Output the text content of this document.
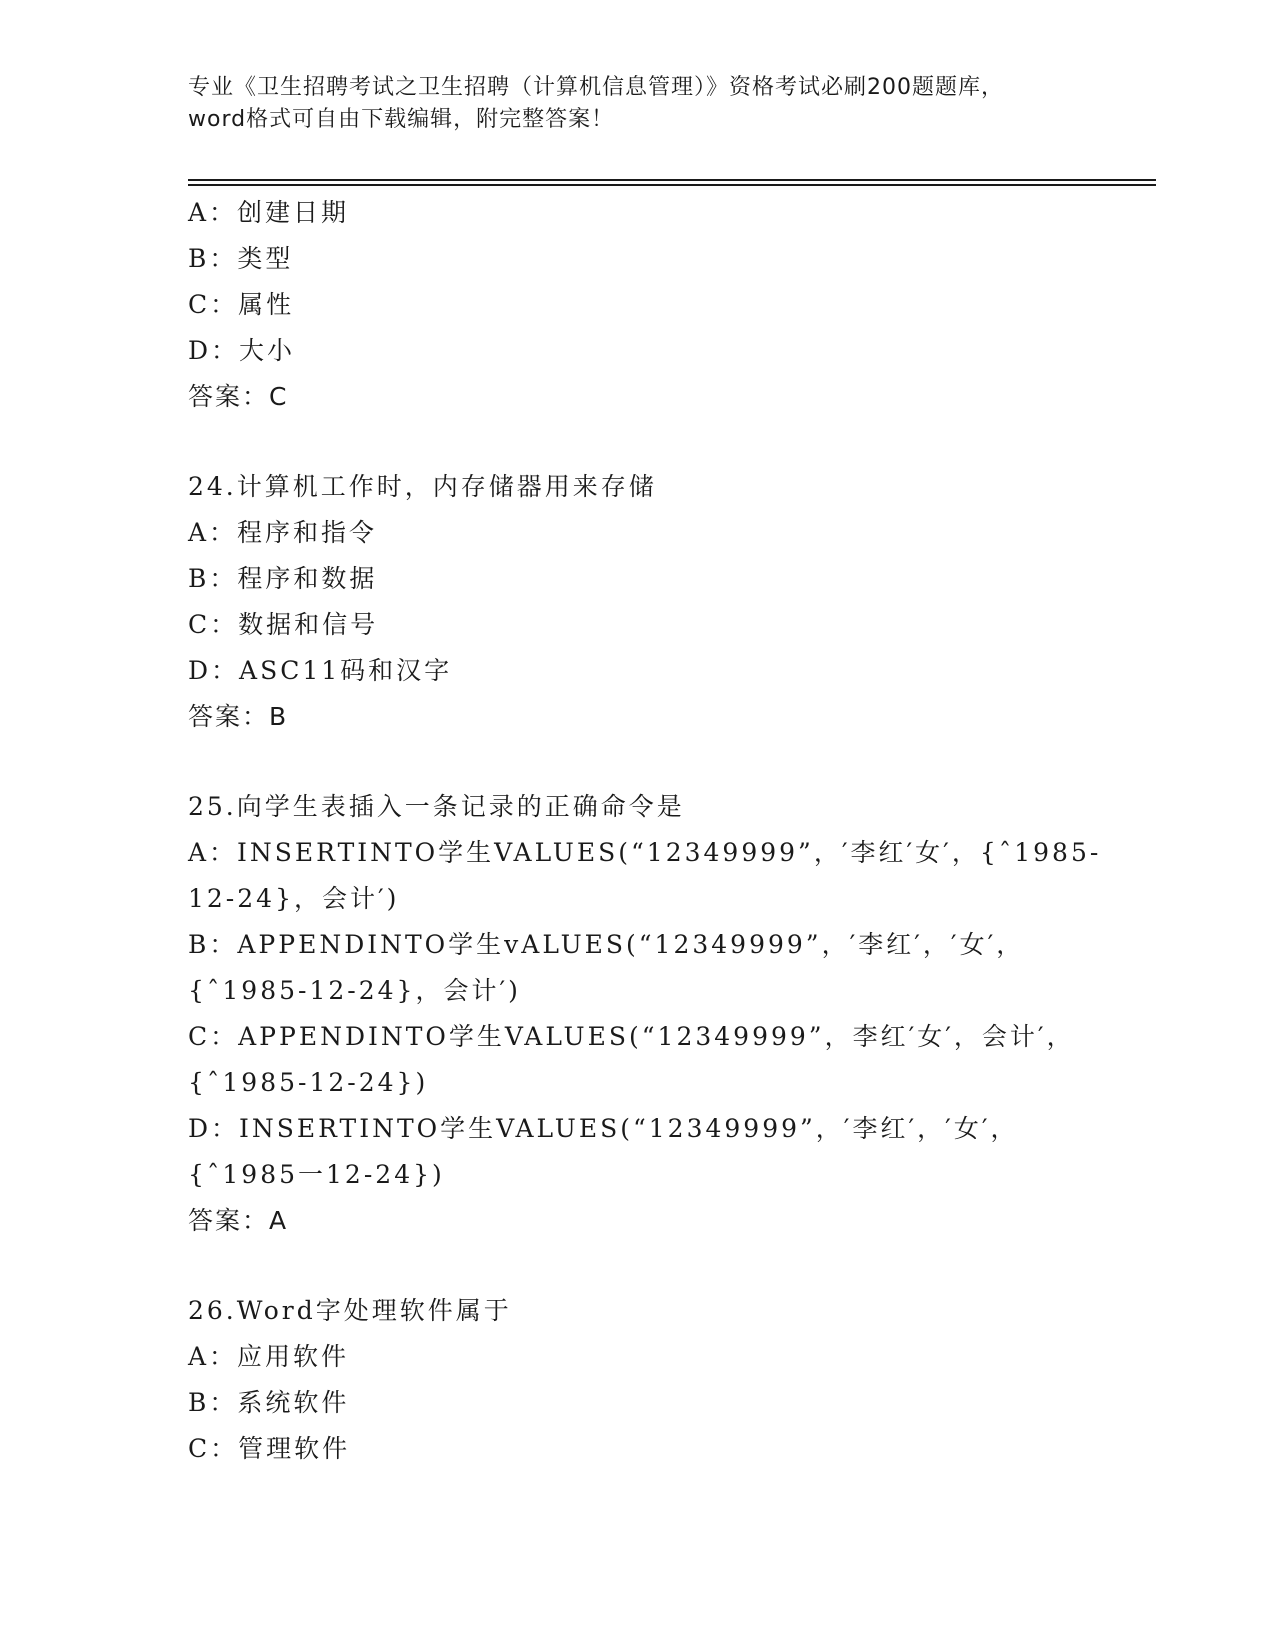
专业《卫生招聘考试之卫生招聘（计算机信息管理）》资格考试必刷200题题库，
word格式可自由下载编辑，附完整答案！
A：创建日期
B：类型
C：属性
D：大小
答案：C
24.计算机工作时，内存储器用来存储
A：程序和指令
B：程序和数据
C：数据和信号
D：ASC11码和汉字
答案：B
25.向学生表插入一条记录的正确命令是
A：INSERTINTO学生VALUES(“12349999”，′李红′女′，{ˆ1985-
12-24}，会计′)
B：APPENDINTO学生vALUES(“12349999”，′李红′，′女′，
{ˆ1985-12-24}，会计′)
C：APPENDINTO学生VALUES(“12349999”，李红′女′，会计′，
{ˆ1985-12-24})
D：INSERTINTO学生VALUES(“12349999”，′李红′，′女′，
{ˆ1985一12-24})
答案：A
26.Word字处理软件属于
A：应用软件
B：系统软件
C：管理软件
